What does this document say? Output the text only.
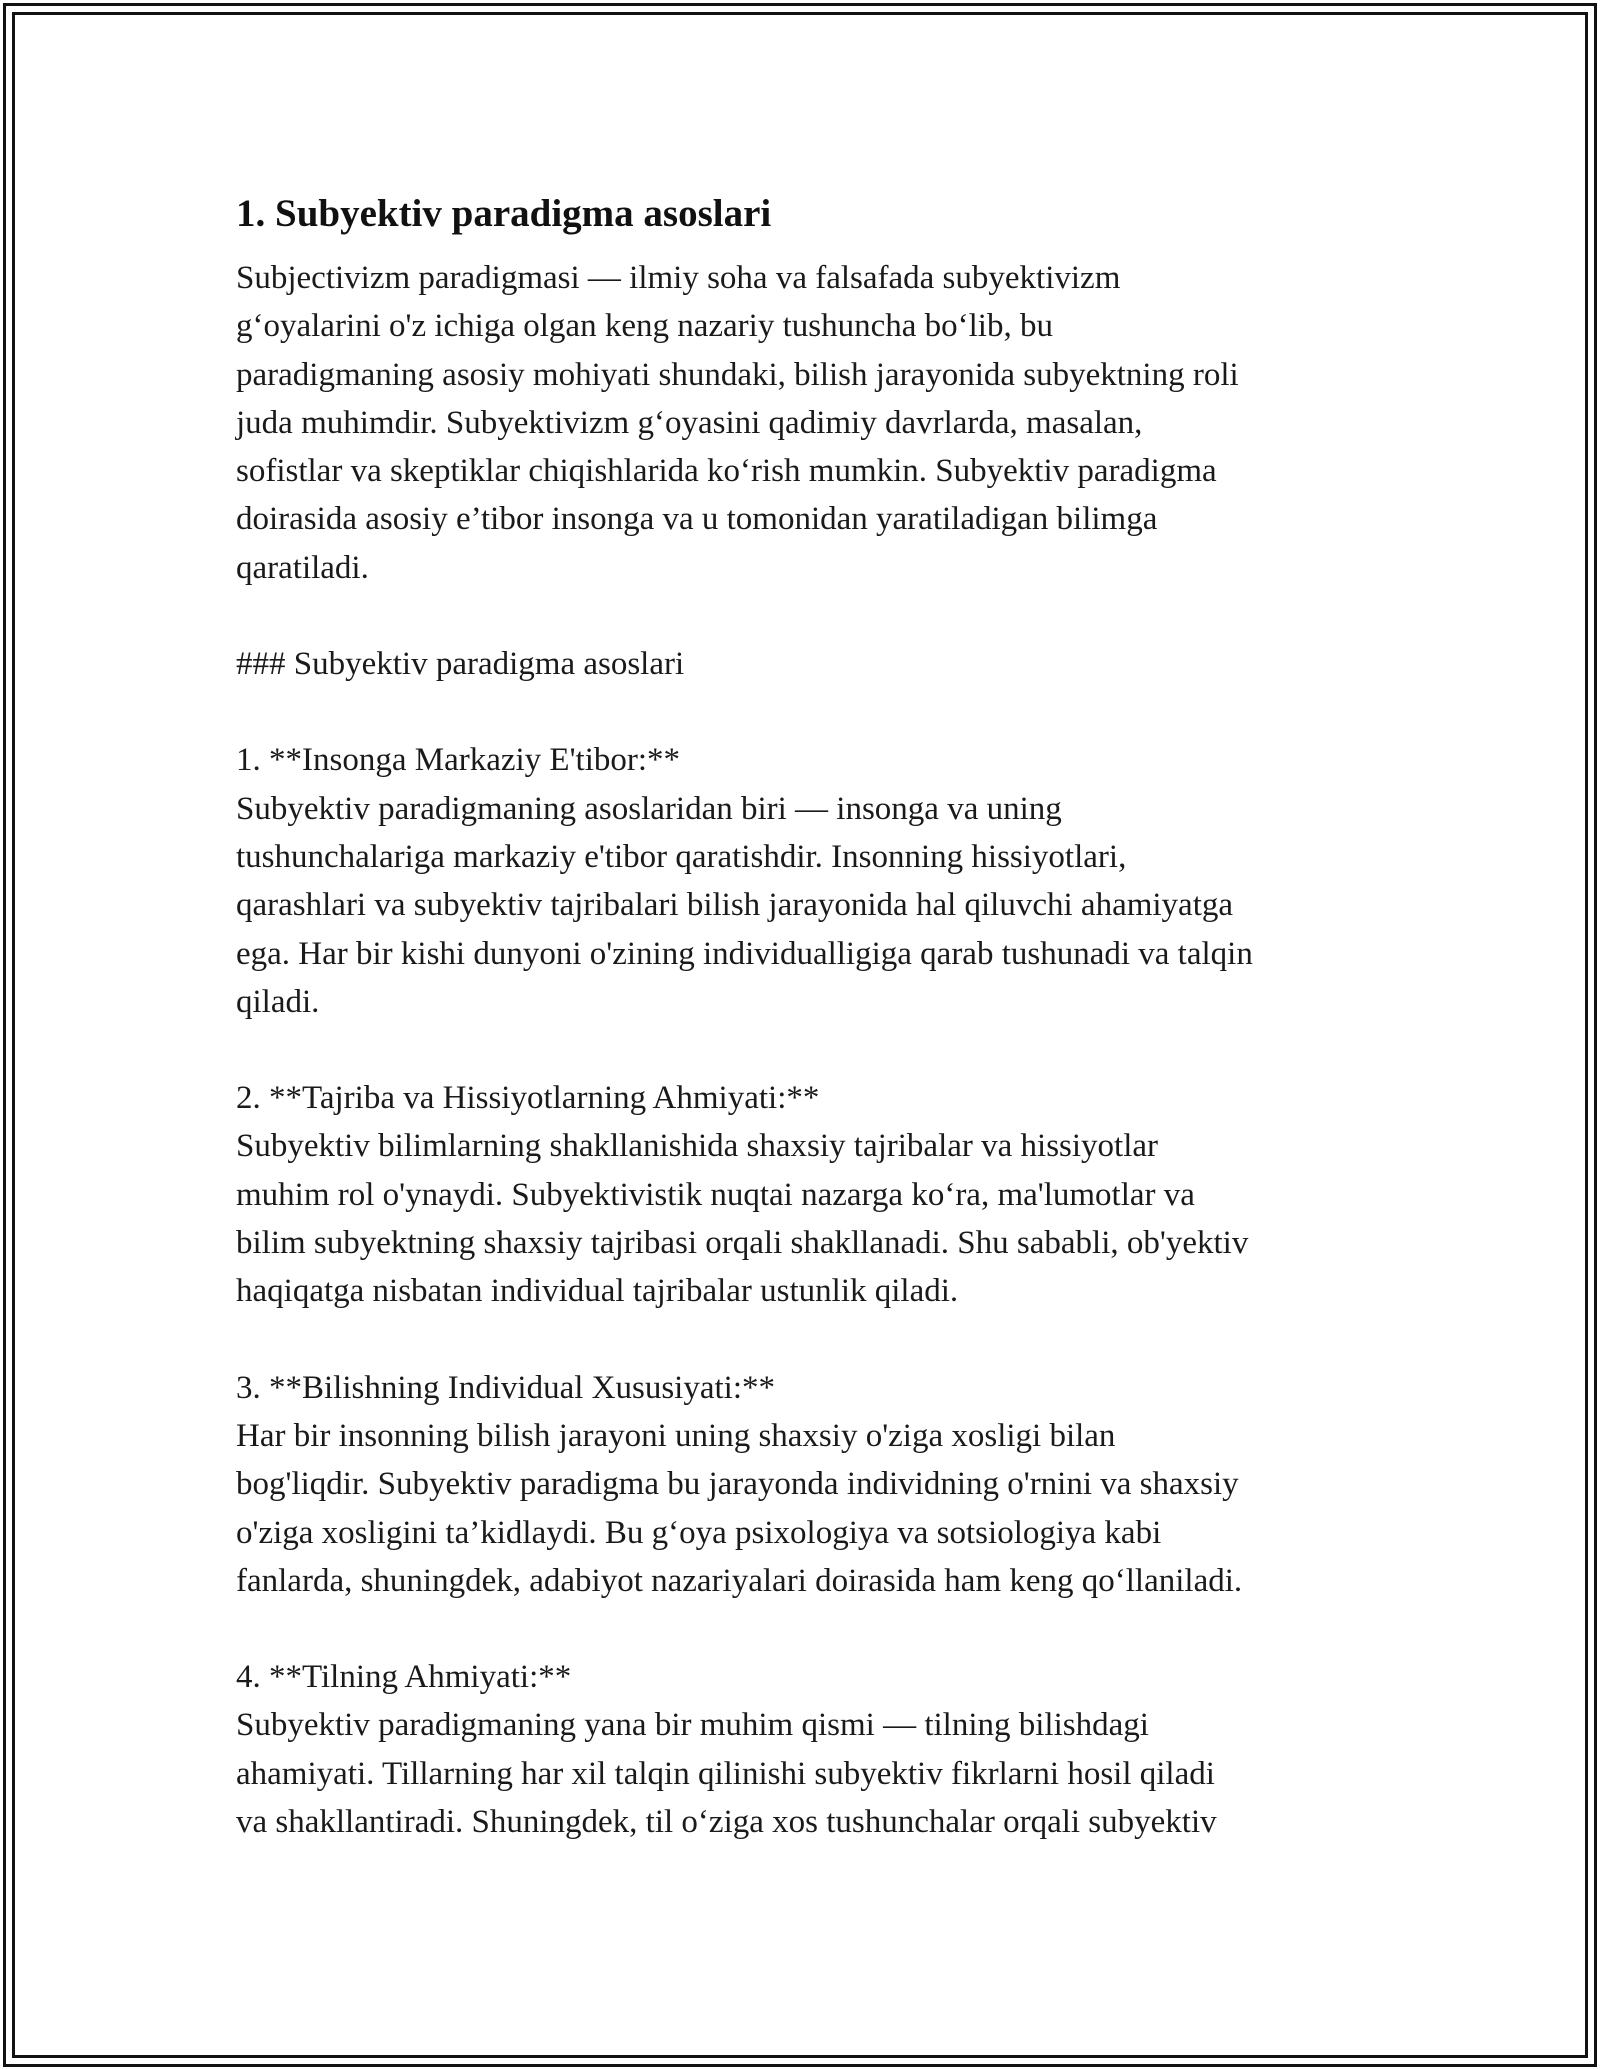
1. Subyektiv paradigma asoslari

Subjectivizm paradigmasi — ilmiy soha va falsafada subyektivizm
g‘oyalarini o'z ichiga olgan keng nazariy tushuncha bo‘lib, bu
paradigmaning asosiy mohiyati shundaki, bilish jarayonida subyektning roli
juda muhimdir. Subyektivizm g‘oyasini qadimiy davrlarda, masalan,
sofistlar va skeptiklar chiqishlarida ko‘rish mumkin. Subyektiv paradigma
doirasida asosiy e’tibor insonga va u tomonidan yaratiladigan bilimga
qaratiladi.

### Subyektiv paradigma asoslari

1. **Insonga Markaziy E'tibor:**

Subyektiv paradigmaning asoslaridan biri — insonga va uning
tushunchalariga markaziy e'tibor qaratishdir. Insonning hissiyotlari,
qarashlari va subyektiv tajribalari bilish jarayonida hal qiluvchi ahamiyatga
ega. Har bir kishi dunyoni o'zining individualligiga qarab tushunadi va talqin
qiladi.

2. **Tajriba va Hissiyotlarning Ahmiyati:**

Subyektiv bilimlarning shakllanishida shaxsiy tajribalar va hissiyotlar
muhim rol o'ynaydi. Subyektivistik nuqtai nazarga ko‘ra, ma'lumotlar va
bilim subyektning shaxsiy tajribasi orqali shakllanadi. Shu sababli, ob'yektiv
haqiqatga nisbatan individual tajribalar ustunlik qiladi.

3. **Bilishning Individual Xususiyati:**

Har bir insonning bilish jarayoni uning shaxsiy o'ziga xosligi bilan
bog'liqdir. Subyektiv paradigma bu jarayonda individning o'rnini va shaxsiy
o'ziga xosligini ta’kidlaydi. Bu g‘oya psixologiya va sotsiologiya kabi
fanlarda, shuningdek, adabiyot nazariyalari doirasida ham keng qo‘llaniladi.

4. **Tilning Ahmiyati:**

Subyektiv paradigmaning yana bir muhim qismi — tilning bilishdagi
ahamiyati. Tillarning har xil talqin qilinishi subyektiv fikrlarni hosil qiladi
va shakllantiradi. Shuningdek, til o‘ziga xos tushunchalar orqali subyektiv
